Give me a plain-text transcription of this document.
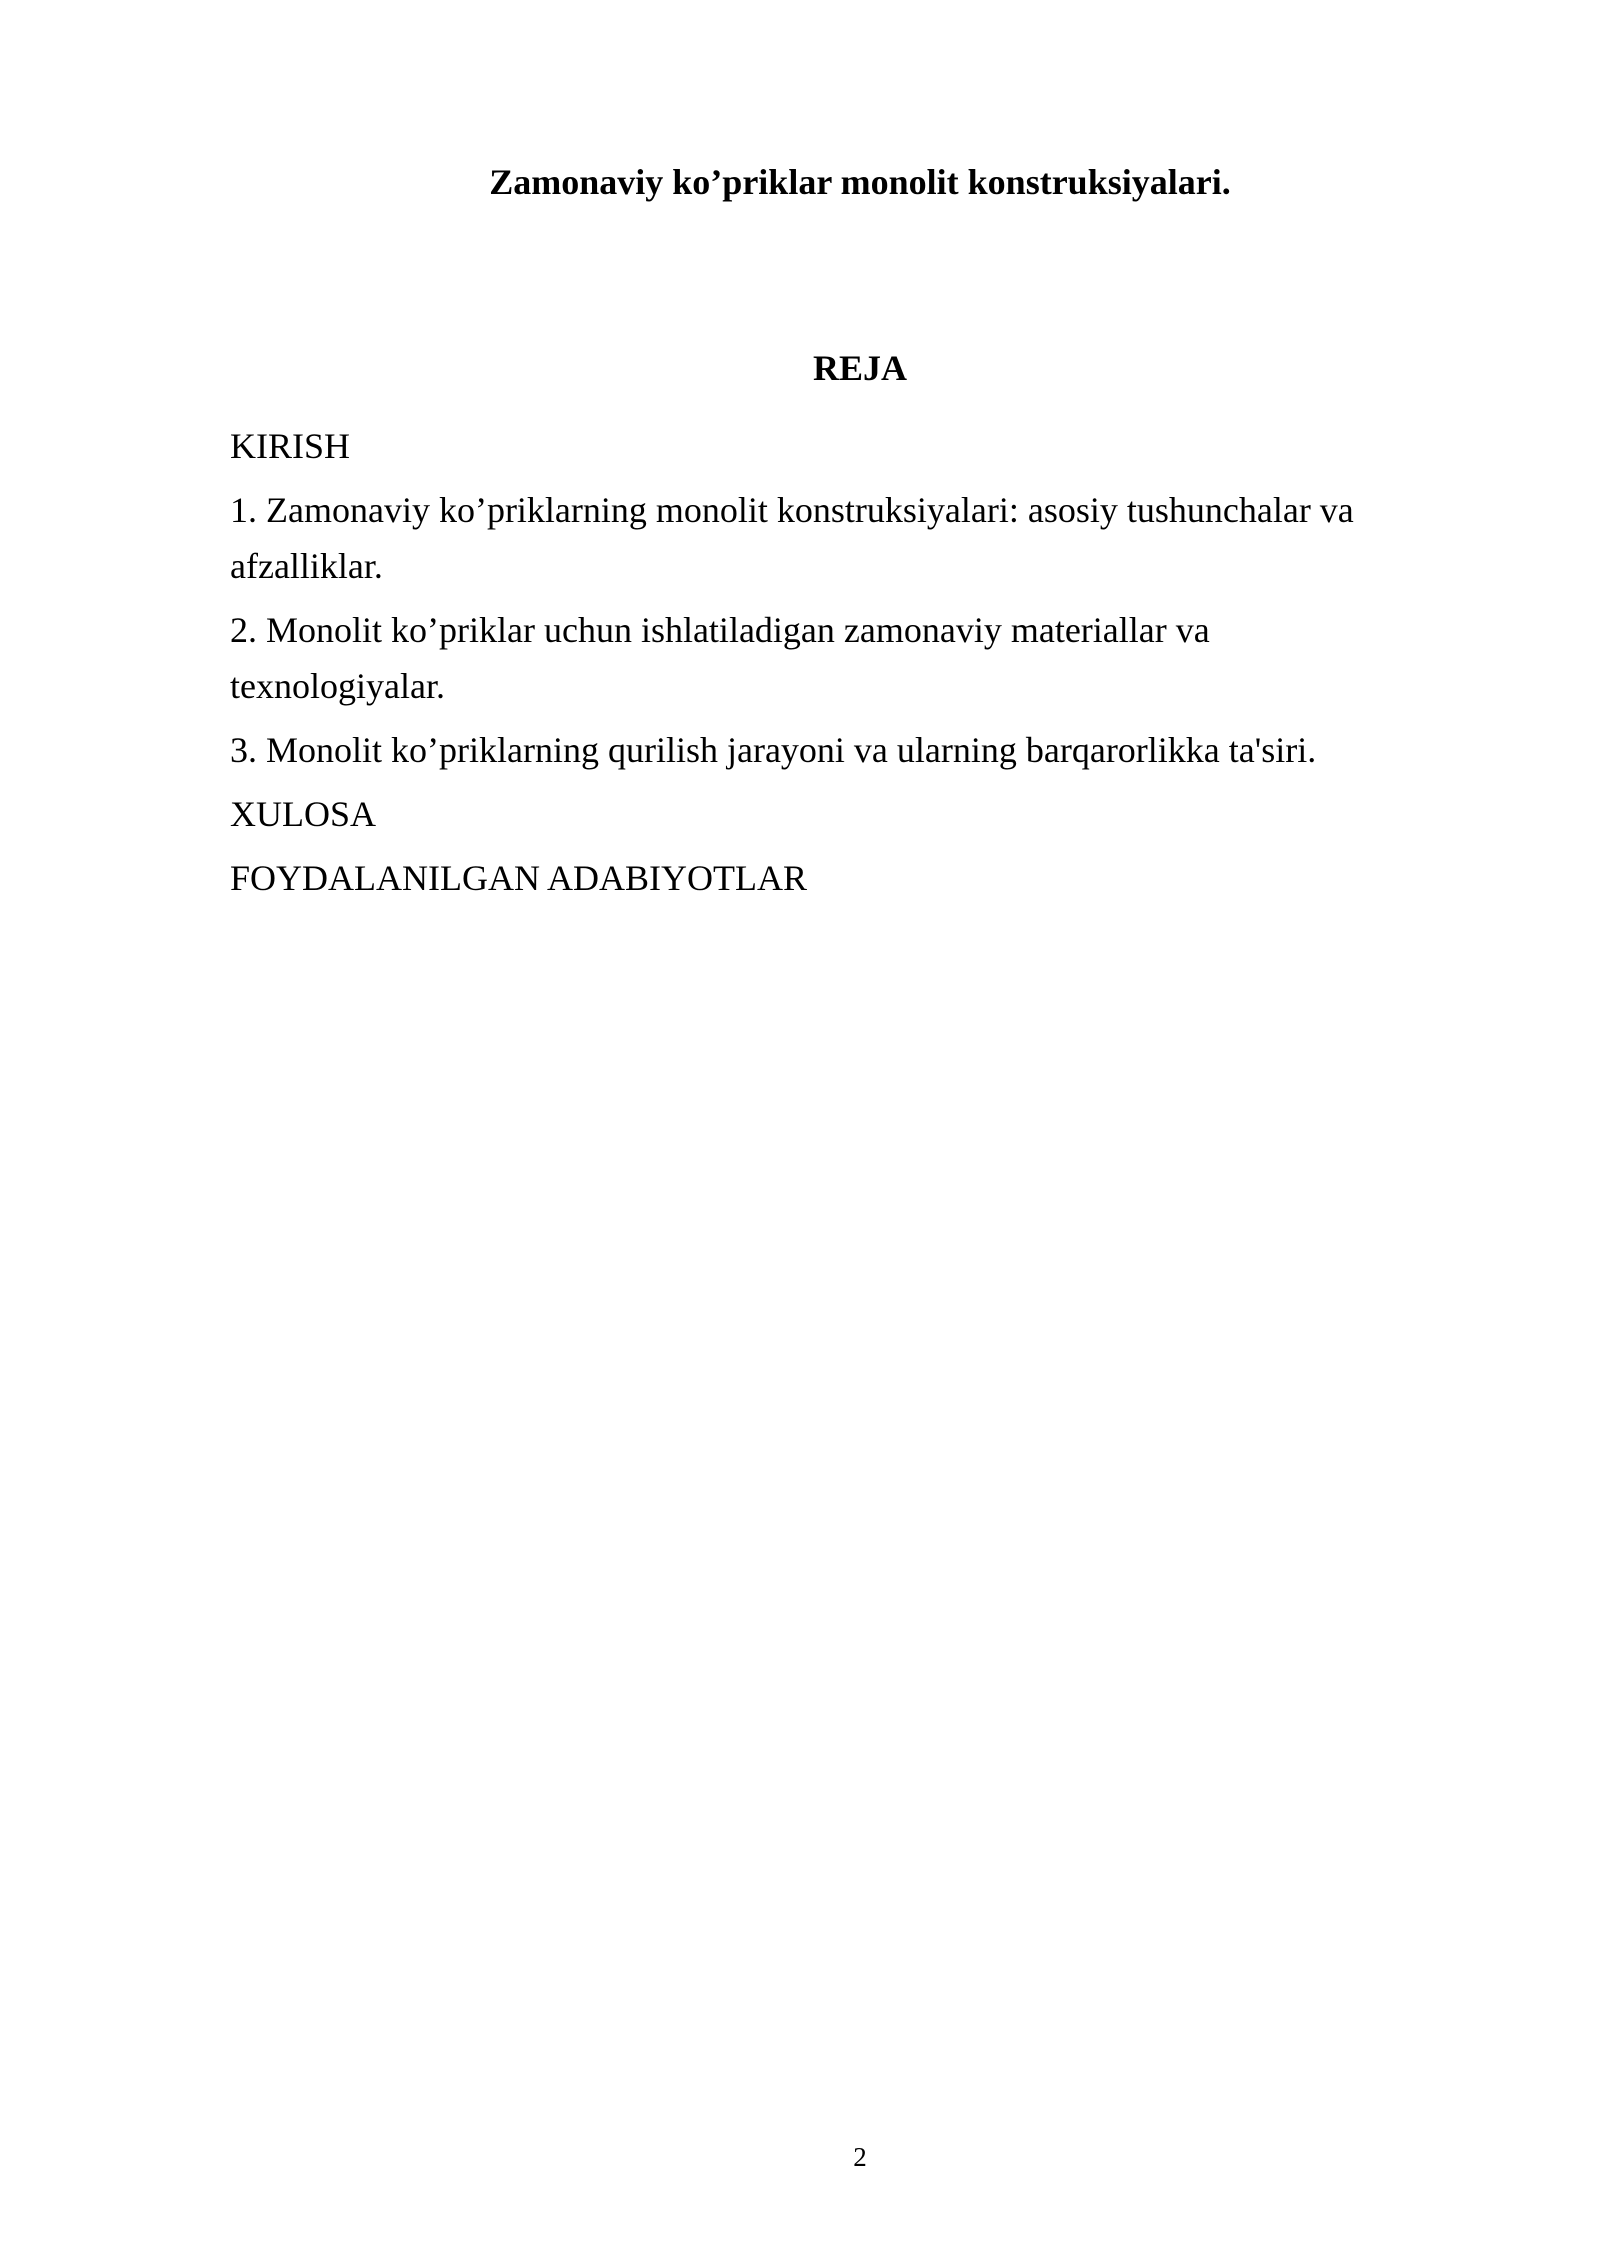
Zamonaviy ko’priklar monolit konstruksiyalari.
REJA
KIRISH
1. Zamonaviy ko’priklarning monolit konstruksiyalari: asosiy tushunchalar va afzalliklar.
2. Monolit ko’priklar uchun ishlatiladigan zamonaviy materiallar va texnologiyalar.
3. Monolit ko’priklarning qurilish jarayoni va ularning barqarorlikka ta'siri.
XULOSA
FOYDALANILGAN ADABIYOTLAR
2
